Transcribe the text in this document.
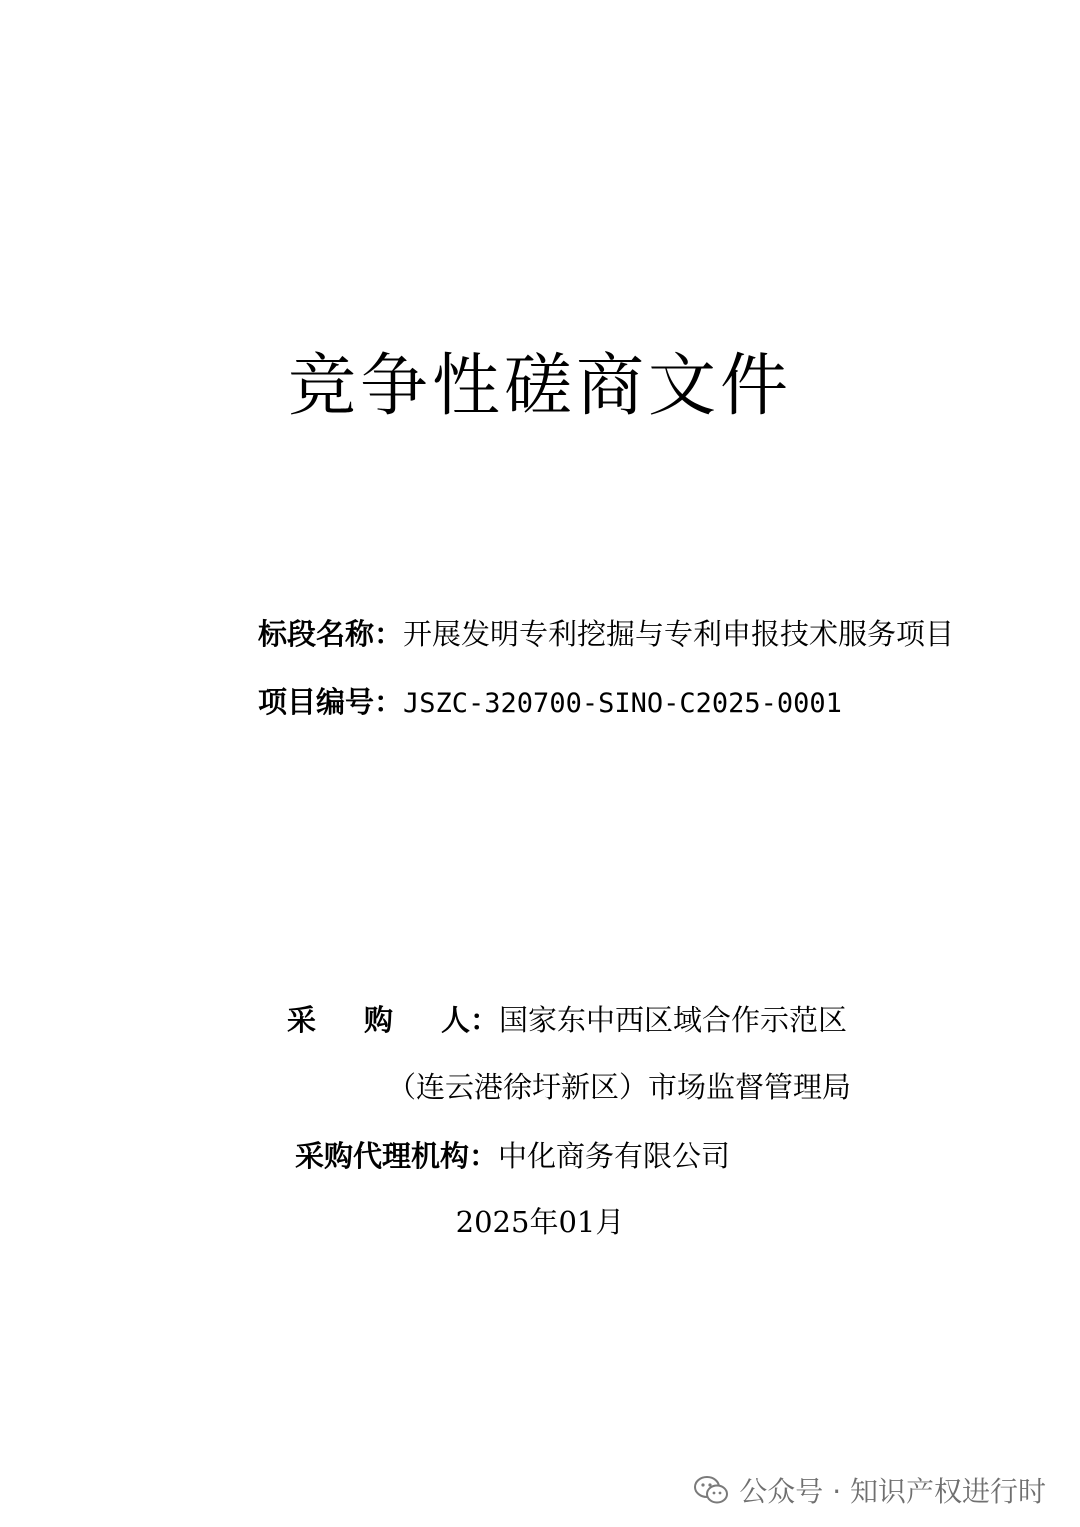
竞争性磋商文件
标段名称：开展发明专利挖掘与专利申报技术服务项目
项目编号：JSZC-320700-SINO-C2025-0001
采 购 人：国家东中西区域合作示范区
（连云港徐圩新区）市场监督管理局
采购代理机构：中化商务有限公司
2025年01月
公众号 · 知识产权进行时
